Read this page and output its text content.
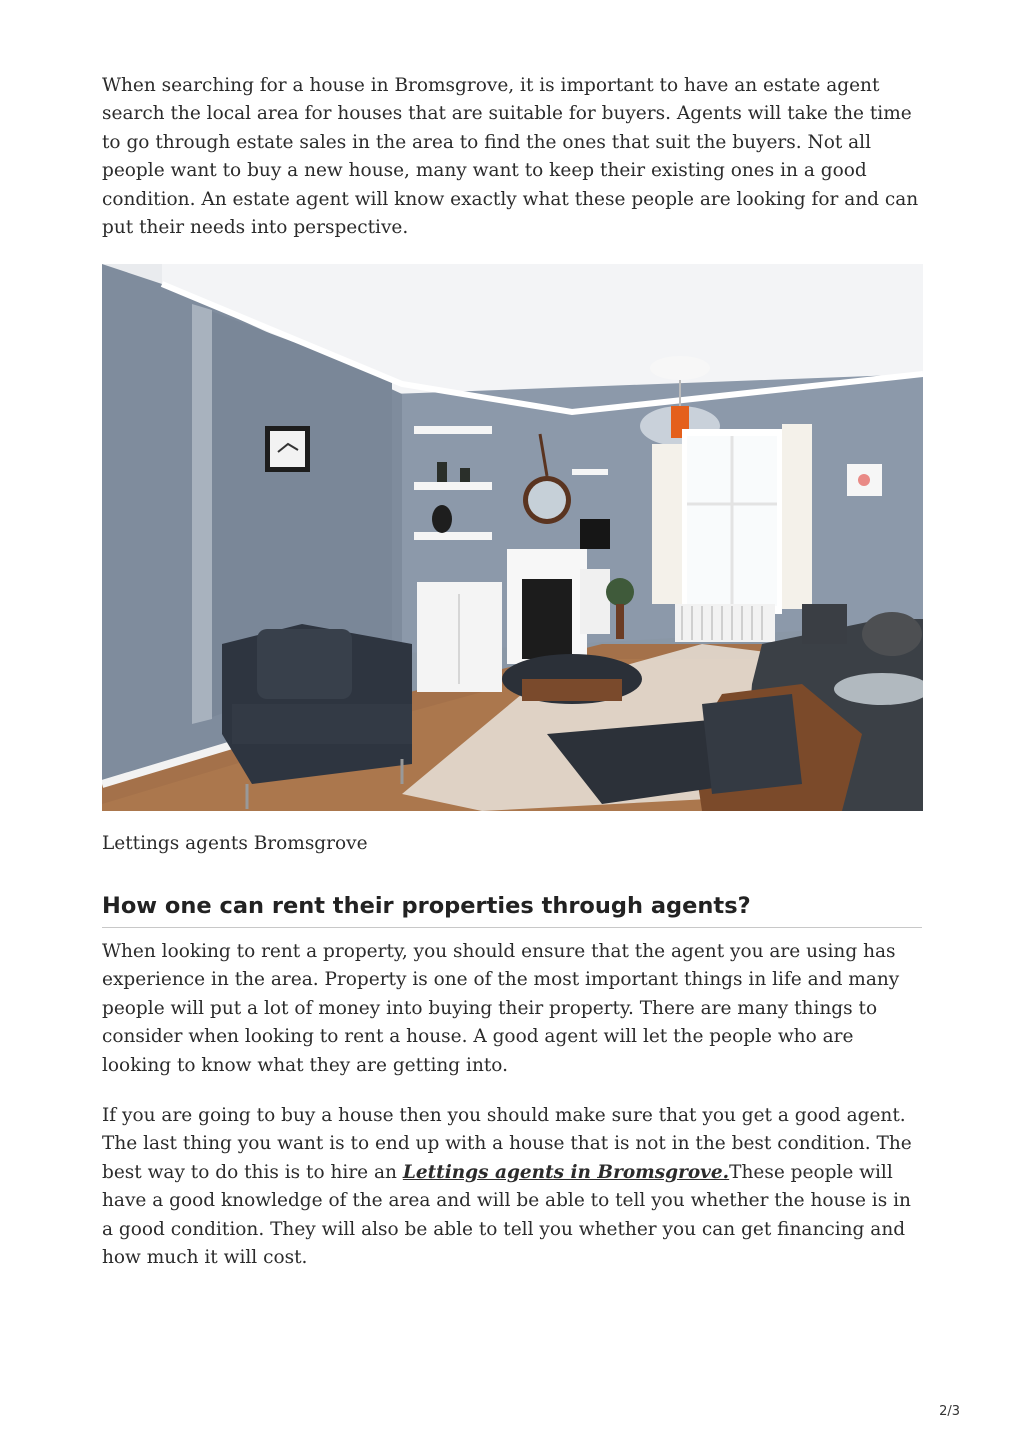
When searching for a house in Bromsgrove, it is important to have an estate agent search the local area for houses that are suitable for buyers. Agents will take the time to go through estate sales in the area to find the ones that suit the buyers. Not all people want to buy a new house, many want to keep their existing ones in a good condition. An estate agent will know exactly what these people are looking for and can put their needs into perspective.

Lettings agents Bromsgrove
How one can rent their properties through agents?

When looking to rent a property, you should ensure that the agent you are using has experience in the area. Property is one of the most important things in life and many people will put a lot of money into buying their property. There are many things to consider when looking to rent a house. A good agent will let the people who are looking to know what they are getting into.

If you are going to buy a house then you should make sure that you get a good agent. The last thing you want is to end up with a house that is not in the best condition. The best way to do this is to hire an Lettings agents in Bromsgrove.These people will have a good knowledge of the area and will be able to tell you whether the house is in a good condition. They will also be able to tell you whether you can get financing and how much it will cost.

2/3
